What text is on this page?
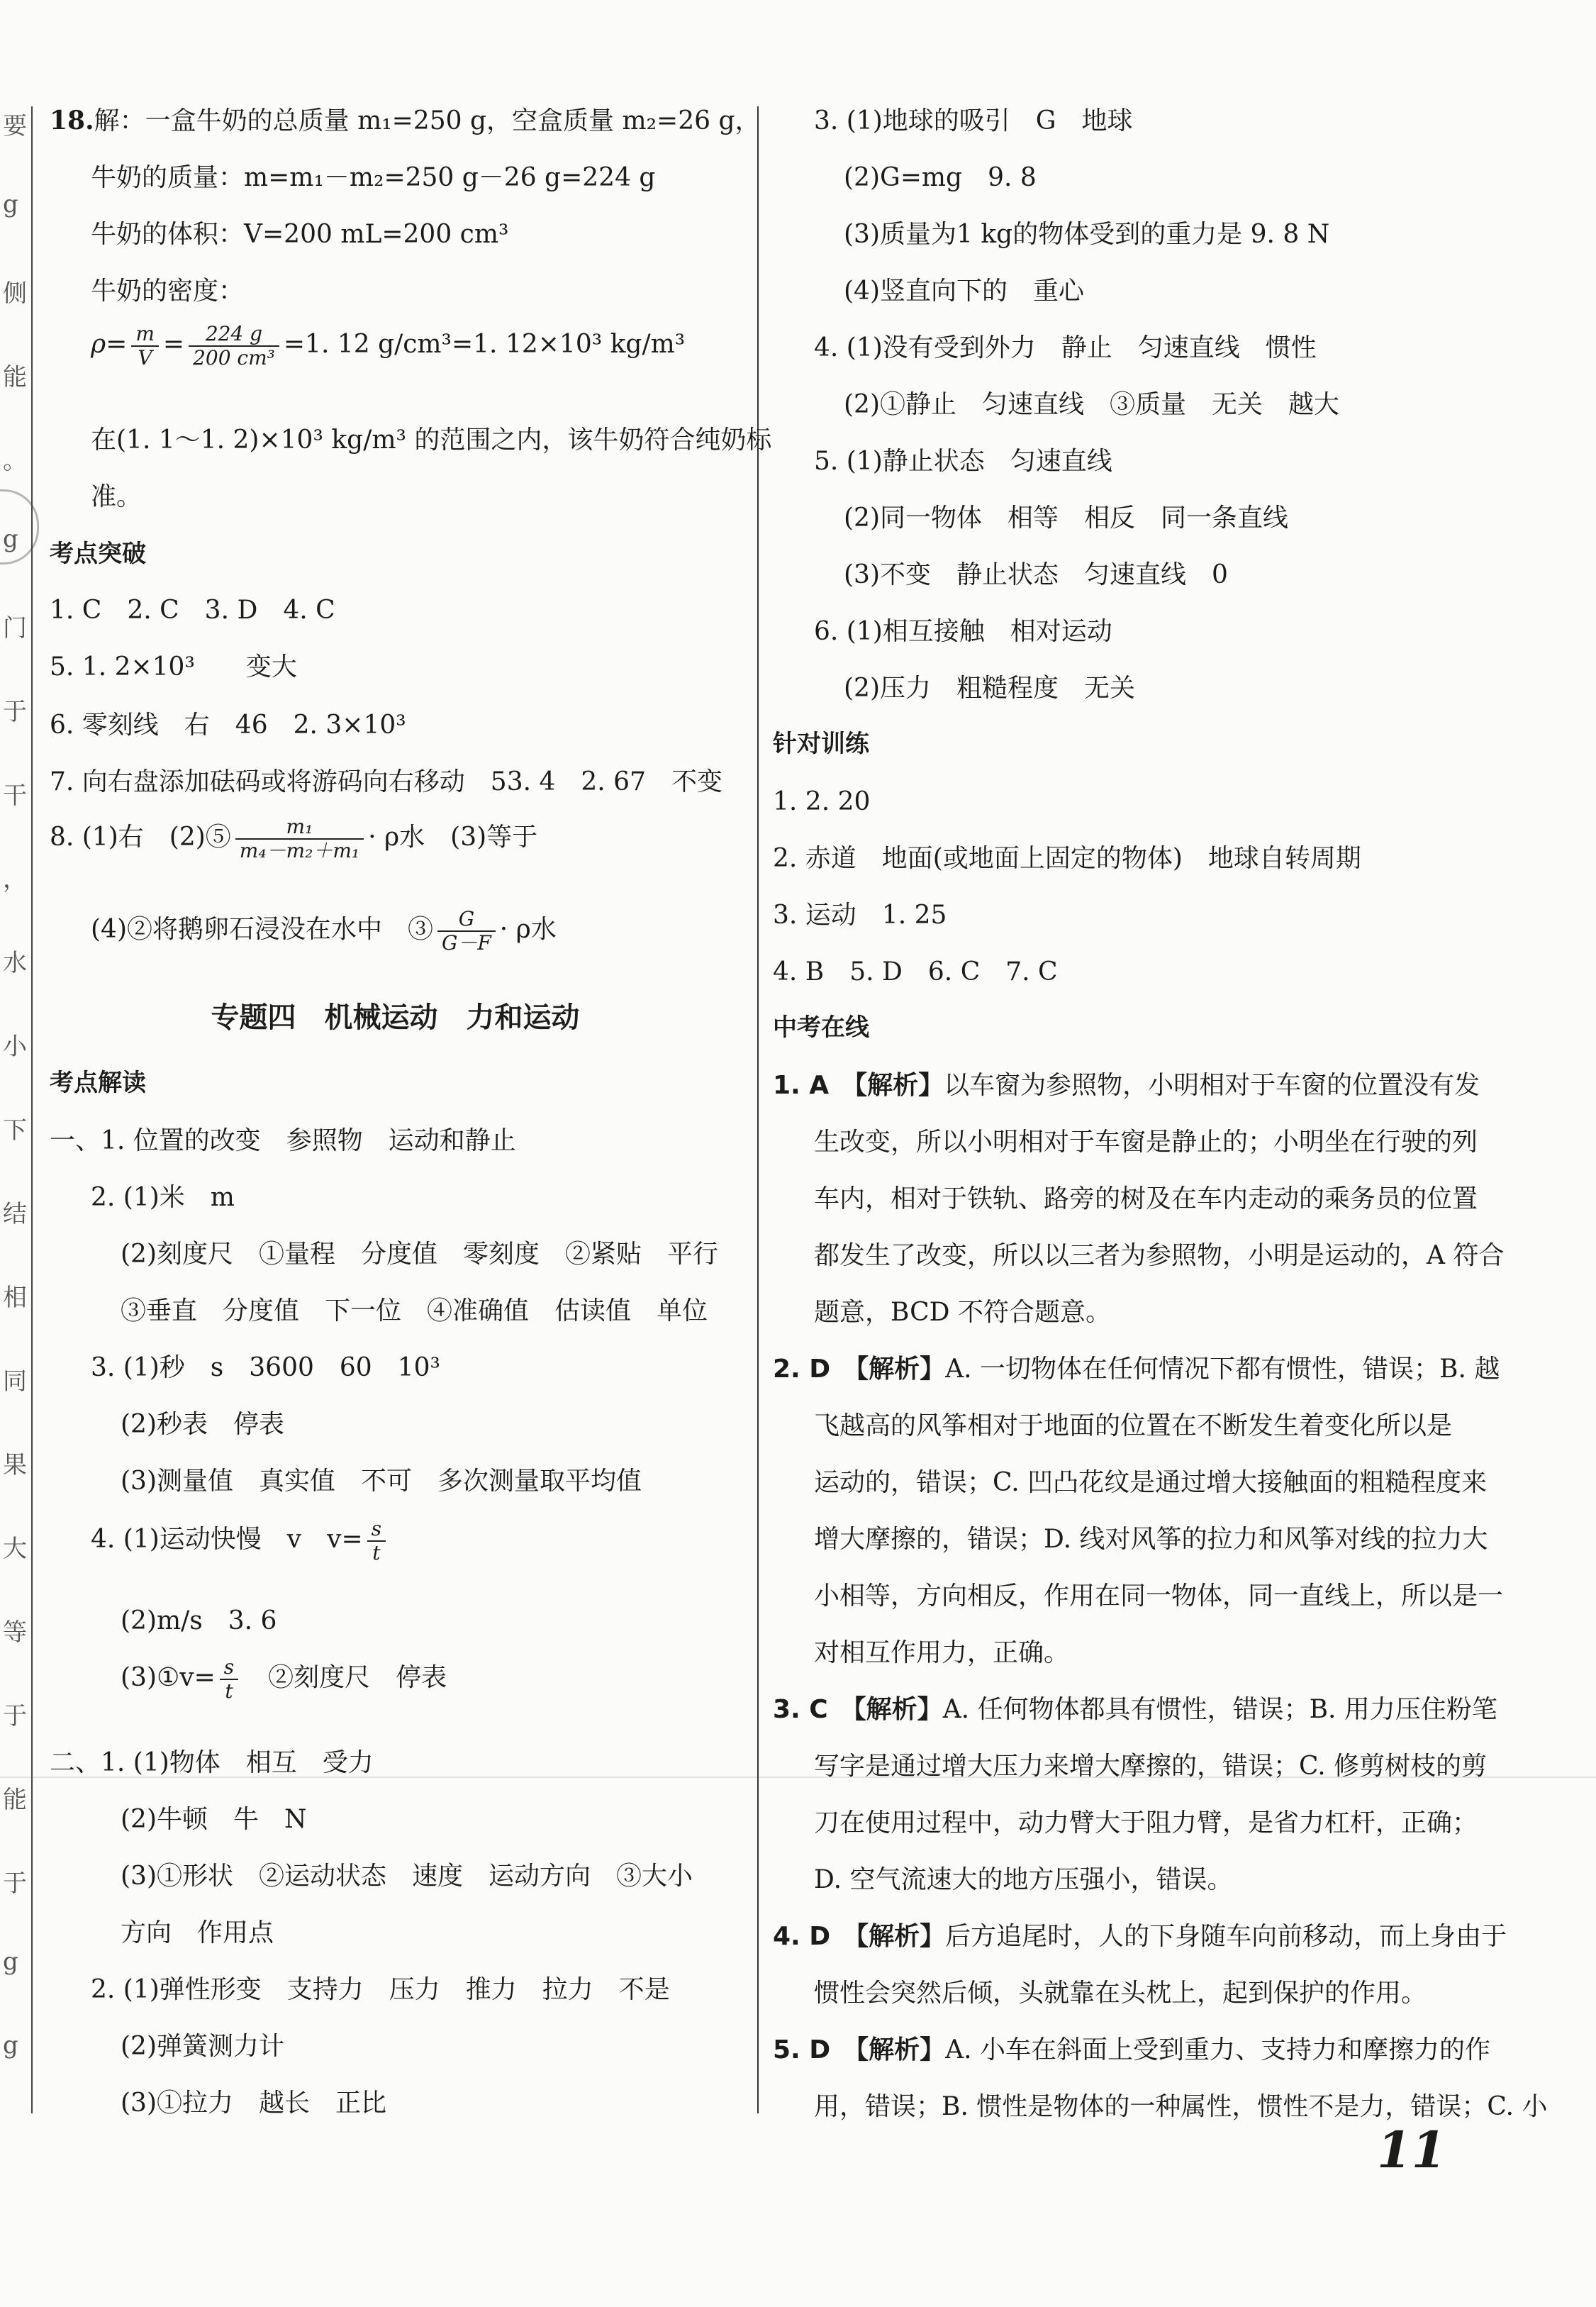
要
g
侧
能
。
g
门
于
干
，
水
小
下
结
相
同
果
大
等
于
能
于
g
g
18.解：一盒牛奶的总质量 m₁=250 g，空盒质量 m₂=26 g，
牛奶的质量：m=m₁－m₂=250 g－26 g=224 g
牛奶的体积：V=200 mL=200 cm³
牛奶的密度：
$\rho= \frac{m}{V} = \frac{224 g}{\text{200 cm³}} =1$. 12 g/cm³=1. 12×10³ kg/m³
在(1. 1～1. 2)×10³ kg/m³ 的范围之内，该牛奶符合纯奶标
准。
考点突破
1. C　2. C　3. D　4. C
5. 1. 2×10³　　变大
6. 零刻线　右　46　2. 3×10³
7. 向右盘添加砝码或将游码向右移动　53. 4　2. 67　不变
8. (1)右　(2)⑤ $\frac{\text{m₁}}{\text{m₄－m₂＋m₁}} \cdot \rho$水　(3)等于
(4)②将鹅卵石浸没在水中　③ $\frac{G}{G-F} \cdot \rho$水
专题四　机械运动　力和运动
考点解读
一、1. 位置的改变　参照物　运动和静止
2. (1)米　m
(2)刻度尺　①量程　分度值　零刻度　②紧贴　平行
③垂直　分度值　下一位　④准确值　估读值　单位
3. (1)秒　s　3600　60　10³
(2)秒表　停表
(3)测量值　真实值　不可　多次测量取平均值
4. (1)运动快慢　v　$v= \frac{s}{t}$
(2)m/s　3. 6
(3)①v= $\frac{s}{t}$ 　②刻度尺　停表
二、1. (1)物体　相互　受力
(2)牛顿　牛　N
(3)①形状　②运动状态　速度　运动方向　③大小
方向　作用点
2. (1)弹性形变　支持力　压力　推力　拉力　不是
(2)弹簧测力计
(3)①拉力　越长　正比
3. (1)地球的吸引　G　地球
(2)G=mg　9. 8
(3)质量为1 kg的物体受到的重力是 9. 8 N
(4)竖直向下的　重心
4. (1)没有受到外力　静止　匀速直线　惯性
(2)①静止　匀速直线　③质量　无关　越大
5. (1)静止状态　匀速直线
(2)同一物体　相等　相反　同一条直线
(3)不变　静止状态　匀速直线　0
6. (1)相互接触　相对运动
(2)压力　粗糙程度　无关
针对训练
1. 2. 20
2. 赤道　地面(或地面上固定的物体)　地球自转周期
3. 运动　1. 25
4. B　5. D　6. C　7. C
中考在线
1. A　【解析】以车窗为参照物，小明相对于车窗的位置没有发
生改变，所以小明相对于车窗是静止的；小明坐在行驶的列
车内，相对于铁轨、路旁的树及在车内走动的乘务员的位置
都发生了改变，所以以三者为参照物，小明是运动的，A 符合
题意，BCD 不符合题意。
2. D　【解析】A. 一切物体在任何情况下都有惯性，错误；B. 越
飞越高的风筝相对于地面的位置在不断发生着变化所以是
运动的，错误；C. 凹凸花纹是通过增大接触面的粗糙程度来
增大摩擦的，错误；D. 线对风筝的拉力和风筝对线的拉力大
小相等，方向相反，作用在同一物体，同一直线上，所以是一
对相互作用力，正确。
3. C　【解析】A. 任何物体都具有惯性，错误；B. 用力压住粉笔
写字是通过增大压力来增大摩擦的，错误；C. 修剪树枝的剪
刀在使用过程中，动力臂大于阻力臂，是省力杠杆，正确；
D. 空气流速大的地方压强小，错误。
4. D　【解析】后方追尾时，人的下身随车向前移动，而上身由于
惯性会突然后倾，头就靠在头枕上，起到保护的作用。
5. D　【解析】A. 小车在斜面上受到重力、支持力和摩擦力的作
用，错误；B. 惯性是物体的一种属性，惯性不是力，错误；C. 小
11
